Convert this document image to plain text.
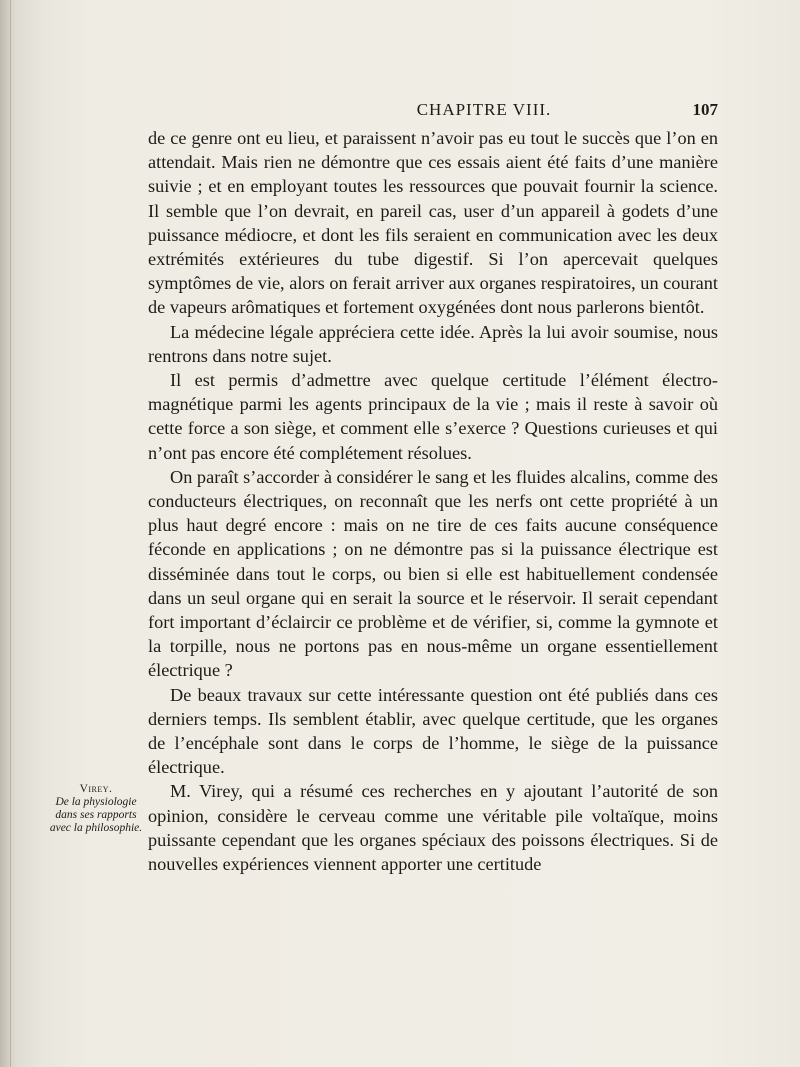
CHAPITRE VIII.	107

de ce genre ont eu lieu, et paraissent n’avoir pas eu tout le succès que l’on en attendait. Mais rien ne démontre que ces essais aient été faits d’une manière suivie ; et en employant toutes les ressources que pouvait fournir la science. Il semble que l’on devrait, en pareil cas, user d’un appareil à godets d’une puissance médiocre, et dont les fils seraient en communication avec les deux extrémités extérieures du tube digestif. Si l’on apercevait quelques symptômes de vie, alors on ferait arriver aux organes respiratoires, un courant de vapeurs arômatiques et fortement oxygénées dont nous parlerons bientôt.

La médecine légale appréciera cette idée. Après la lui avoir soumise, nous rentrons dans notre sujet.

Il est permis d’admettre avec quelque certitude l’élément électro-magnétique parmi les agents principaux de la vie ; mais il reste à savoir où cette force a son siège, et comment elle s’exerce ? Questions curieuses et qui n’ont pas encore été complétement résolues.

On paraît s’accorder à considérer le sang et les fluides alcalins, comme des conducteurs électriques, on reconnaît que les nerfs ont cette propriété à un plus haut degré encore : mais on ne tire de ces faits aucune conséquence féconde en applications ; on ne démontre pas si la puissance électrique est disséminée dans tout le corps, ou bien si elle est habituellement condensée dans un seul organe qui en serait la source et le réservoir. Il serait cependant fort important d’éclaircir ce problème et de vérifier, si, comme la gymnote et la torpille, nous ne portons pas en nous-même un organe essentiellement électrique ?

De beaux travaux sur cette intéressante question ont été publiés dans ces derniers temps. Ils semblent établir, avec quelque certitude, que les organes de l’encéphale sont dans le corps de l’homme, le siège de la puissance électrique.

M. Virey, qui a résumé ces recherches en y ajoutant l’autorité de son opinion, considère le cerveau comme une véritable pile voltaïque, moins puissante cependant que les organes spéciaux des poissons électriques. Si de nouvelles expériences viennent apporter une certitude

Virey.
De la physiologie dans ses rapports avec la philosophie.
